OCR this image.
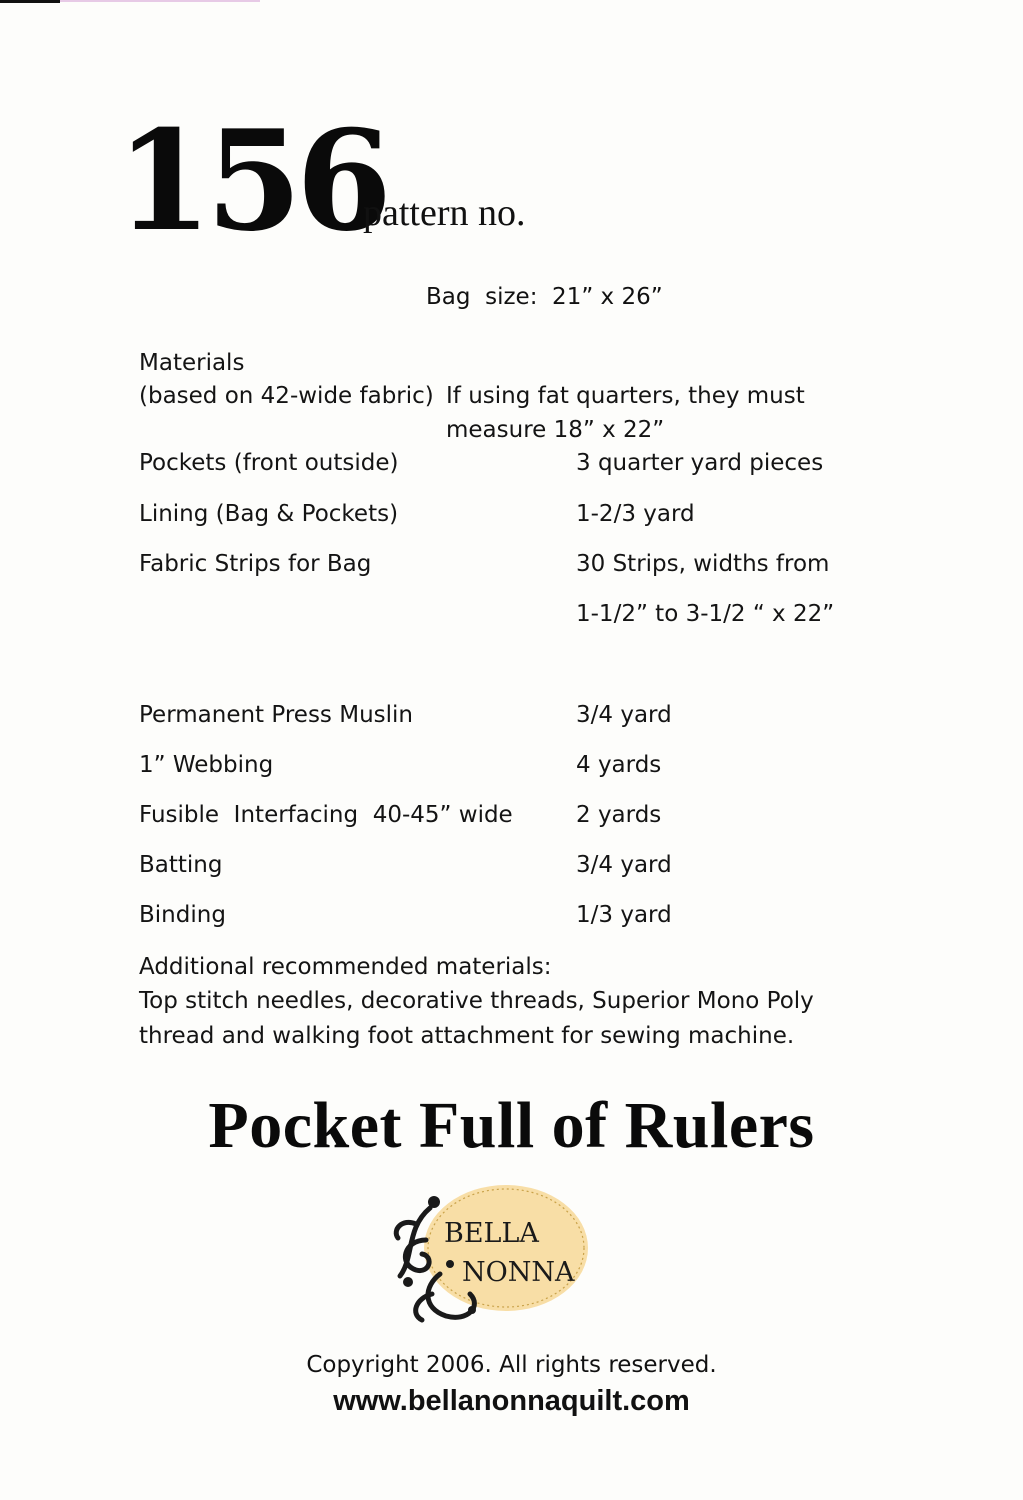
156
pattern no.
Bag  size:  21” x 26”
Materials
(based on 42-wide fabric) If using fat quarters, they must
measure 18” x 22”
Pockets (front outside)	3 quarter yard pieces
Lining (Bag & Pockets)	1-2/3 yard
Fabric Strips for Bag	30 Strips, widths from
1-1/2” to 3-1/2 “ x 22”
Permanent Press Muslin	3/4 yard
1” Webbing	4 yards
Fusible  Interfacing  40-45” wide	2 yards
Batting	3/4 yard
Binding	1/3 yard
Additional recommended materials:
Top stitch needles, decorative threads, Superior Mono Poly
thread and walking foot attachment for sewing machine.
Pocket Full of Rulers
BELLA
NONNA
Copyright 2006. All rights reserved.
www.bellanonnaquilt.com
